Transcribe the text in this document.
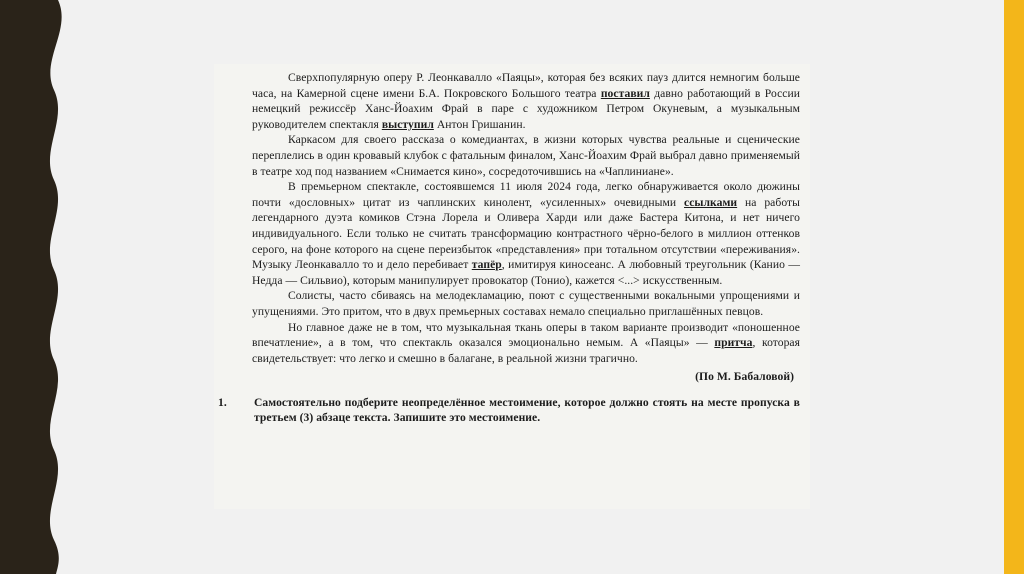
Сверхпопулярную оперу Р. Леонкавалло «Паяцы», которая без всяких пауз длится немногим больше часа, на Камерной сцене имени Б.А. Покровского Большого театра поставил давно работающий в России немецкий режиссёр Ханс-Йоахим Фрай в паре с художником Петром Окуневым, а музыкальным руководителем спектакля выступил Антон Гришанин.

Каркасом для своего рассказа о комедиантах, в жизни которых чувства реальные и сценические переплелись в один кровавый клубок с фатальным финалом, Ханс-Йоахим Фрай выбрал давно применяемый в театре ход под названием «Снимается кино», сосредоточившись на «Чаплиниане».

В премьерном спектакле, состоявшемся 11 июля 2024 года, легко обнаруживается около дюжины почти «дословных» цитат из чаплинских кинолент, «усиленных» очевидными ссылками на работы легендарного дуэта комиков Стэна Лорела и Оливера Харди или даже Бастера Китона, и нет ничего индивидуального. Если только не считать трансформацию контрастного чёрно-белого в миллион оттенков серого, на фоне которого на сцене переизбыток «представления» при тотальном отсутствии «переживания». Музыку Леонкавалло то и дело перебивает тапёр, имитируя киносеанс. А любовный треугольник (Канио — Недда — Сильвио), которым манипулирует провокатор (Тонио), кажется <...> искусственным.

Солисты, часто сбиваясь на мелодекламацию, поют с существенными вокальными упрощениями и упущениями. Это притом, что в двух премьерных составах немало специально приглашённых певцов.

Но главное даже не в том, что музыкальная ткань оперы в таком варианте производит «поношенное впечатление», а в том, что спектакль оказался эмоционально немым. А «Паяцы» — притча, которая свидетельствует: что легко и смешно в балагане, в реальной жизни трагично.

(По М. Бабаловой)
1.	Самостоятельно подберите неопределённое местоимение, которое должно стоять на месте пропуска в третьем (3) абзаце текста. Запишите это местоимение.
